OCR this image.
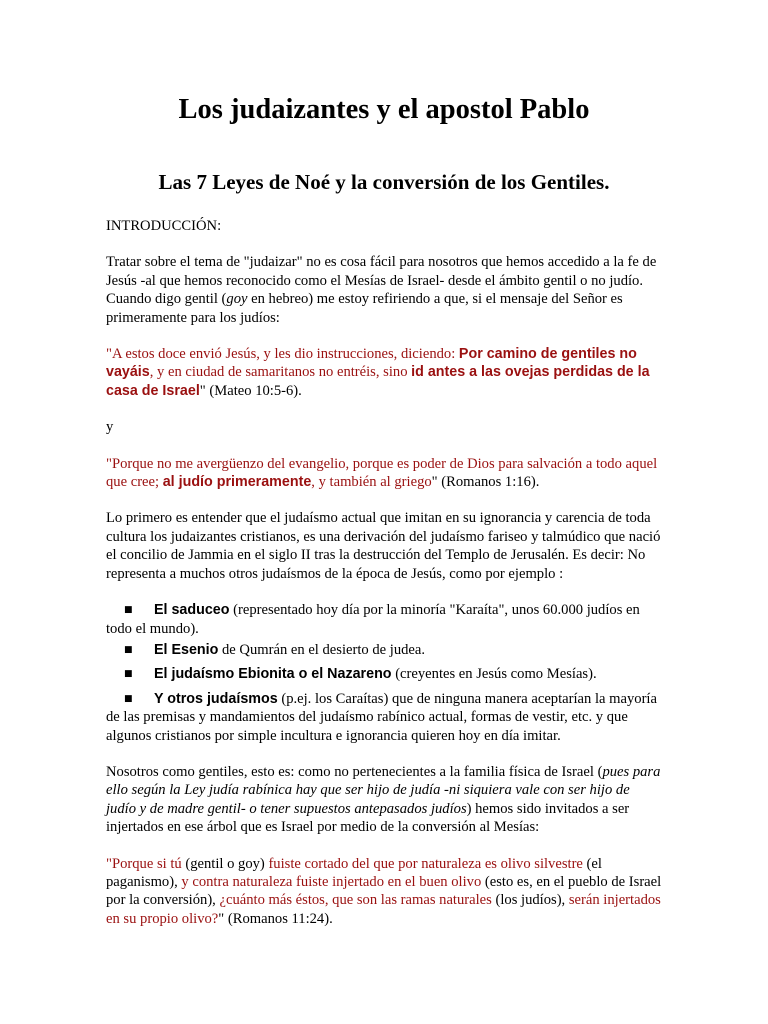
Los judaizantes y el apostol Pablo
Las 7 Leyes de Noé y la conversión de los Gentiles.

INTRODUCCIÓN:

Tratar sobre el tema de "judaizar" no es cosa fácil para nosotros que hemos accedido a la fe de Jesús -al que hemos reconocido como el Mesías de Israel- desde el ámbito gentil o no judío. Cuando digo gentil (goy en hebreo) me estoy refiriendo a que, si el mensaje del Señor es primeramente para los judíos:

"A estos doce envió Jesús, y les dio instrucciones, diciendo: Por camino de gentiles no vayáis, y en ciudad de samaritanos no entréis, sino id antes a las ovejas perdidas de la casa de Israel" (Mateo 10:5-6).

y

"Porque no me avergüenzo del evangelio, porque es poder de Dios para salvación a todo aquel que cree; al judío primeramente, y también al griego" (Romanos 1:16).

Lo primero es entender que el judaísmo actual que imitan en su ignorancia y carencia de toda cultura los judaizantes cristianos, es una derivación del judaísmo fariseo y talmúdico que nació el concilio de Jammia en el siglo II tras la destrucción del Templo de Jerusalén. Es decir: No representa a muchos otros judaísmos de la época de Jesús, como por ejemplo :

■ El saduceo (representado hoy día por la minoría "Karaíta", unos 60.000 judíos en todo el mundo).
■ El Esenio de Qumrán en el desierto de judea.
■ El judaísmo Ebionita o el Nazareno (creyentes en Jesús como Mesías).
■ Y otros judaísmos (p.ej. los Caraítas) que de ninguna manera aceptarían la mayoría de las premisas y mandamientos del judaísmo rabínico actual, formas de vestir, etc. y que algunos cristianos por simple incultura e ignorancia quieren hoy en día imitar.

Nosotros como gentiles, esto es: como no pertenecientes a la familia física de Israel (pues para ello según la Ley judía rabínica hay que ser hijo de judía -ni siquiera vale con ser hijo de judío y de madre gentil- o tener supuestos antepasados judíos) hemos sido invitados a ser injertados en ese árbol que es Israel por medio de la conversión al Mesías:

"Porque si tú (gentil o goy) fuiste cortado del que por naturaleza es olivo silvestre (el paganismo), y contra naturaleza fuiste injertado en el buen olivo (esto es, en el pueblo de Israel por la conversión), ¿cuánto más éstos, que son las ramas naturales (los judíos), serán injertados en su propio olivo?" (Romanos 11:24).
